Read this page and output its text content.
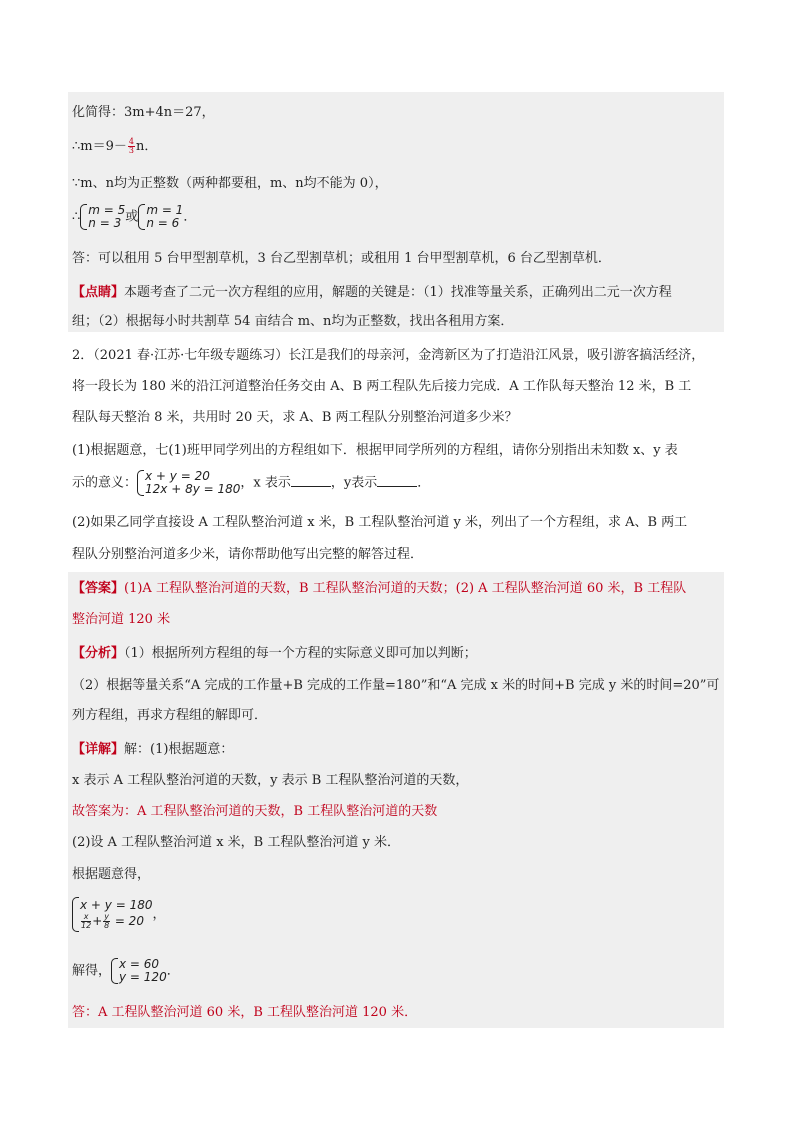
化简得：3m+4n＝27，
∴m＝9－ $\frac{4}{3}$ n．
∵m、n均为正整数（两种都要租，m、n均不能为 0），
∴ m = 5
n = 3 或 m = 1
n = 6 ．
答：可以租用 5 台甲型割草机，3 台乙型割草机；或租用 1 台甲型割草机，6 台乙型割草机．
【点睛】本题考查了二元一次方程组的应用，解题的关键是：（1）找准等量关系，正确列出二元一次方程
组；（2）根据每小时共割草 54 亩结合 m、n均为正整数，找出各租用方案．
2．（2021 春·江苏·七年级专题练习）长江是我们的母亲河，金湾新区为了打造沿江风景，吸引游客搞活经济，
将一段长为 180 米的沿江河道整治任务交由 A、B 两工程队先后接力完成．A 工作队每天整治 12 米，B 工
程队每天整治 8 米，共用时 20 天，求 A、B 两工程队分别整治河道多少米？
(1)根据题意，七(1)班甲同学列出的方程组如下．根据甲同学所列的方程组，请你分别指出未知数 x、y 表
示的意义： x + y = 20
12x + 8y = 180 ，x 表示	，y表示	．
(2)如果乙同学直接设 A 工程队整治河道 x 米，B 工程队整治河道 y 米，列出了一个方程组，求 A、B 两工
程队分别整治河道多少米，请你帮助他写出完整的解答过程．
【答案】(1)A 工程队整治河道的天数，B 工程队整治河道的天数；(2) A 工程队整治河道 60 米，B 工程队
整治河道 120 米
【分析】（1）根据所列方程组的每一个方程的实际意义即可加以判断；
（2）根据等量关系“A 完成的工作量+B 完成的工作量=180”和“A 完成 x 米的时间+B 完成 y 米的时间=20”可
列方程组，再求方程组的解即可．
【详解】解：(1)根据题意：
x 表示 A 工程队整治河道的天数，y 表示 B 工程队整治河道的天数，
故答案为：A 工程队整治河道的天数，B 工程队整治河道的天数
(2)设 A 工程队整治河道 x 米，B 工程队整治河道 y 米．
根据题意得，
x + y = 180
$\frac{x}{12} + \frac{y}{8} = 20$ ，
解得， x = 60
y = 120 ．
答：A 工程队整治河道 60 米，B 工程队整治河道 120 米．
